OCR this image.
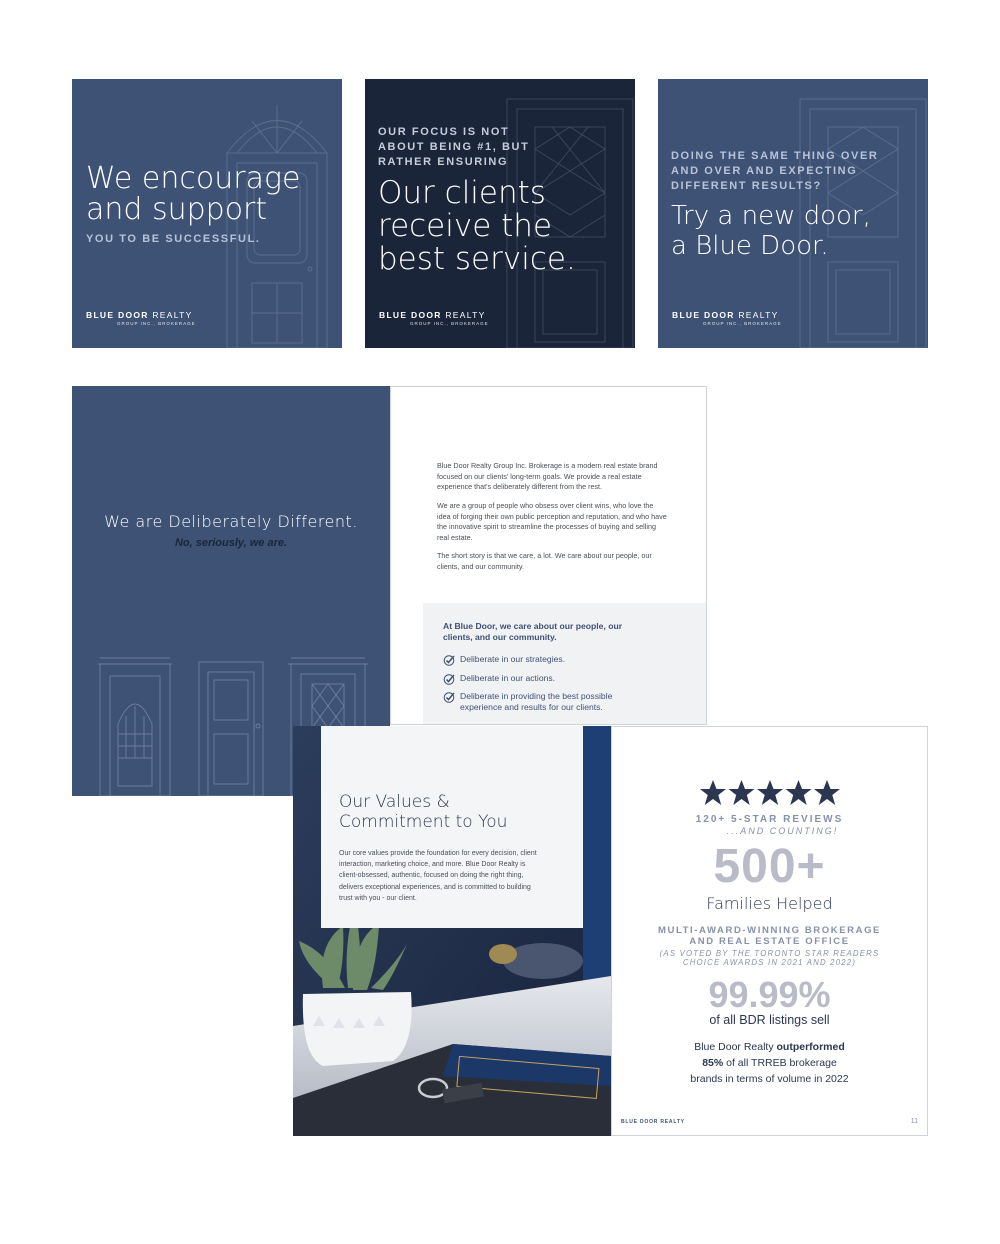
We encourage
and support
YOU TO BE SUCCESSFUL.
BLUE DOOR REALTY
GROUP INC., BROKERAGE
OUR FOCUS IS NOT
ABOUT BEING #1, BUT
RATHER ENSURING
Our clients
receive the
best service.
BLUE DOOR REALTY
GROUP INC., BROKERAGE
DOING THE SAME THING OVER
AND OVER AND EXPECTING
DIFFERENT RESULTS?
Try a new door,
a Blue Door.
BLUE DOOR REALTY
GROUP INC., BROKERAGE
We are Deliberately Different.
No, seriously, we are.

Blue Door Realty Group Inc. Brokerage is a modern real estate brand focused on our clients' long-term goals. We provide a real estate experience that's deliberately different from the rest.

We are a group of people who obsess over client wins, who love the idea of forging their own public perception and reputation, and who have the innovative spirit to streamline the processes of buying and selling real estate.

The short story is that we care, a lot. We care about our people, our clients, and our community.

At Blue Door, we care about our people, our clients, and our community.
Deliberate in our strategies.
Deliberate in our actions.
Deliberate in providing the best possible
experience and results for our clients.
Our Values &
Commitment to You
Our core values provide the foundation for every decision, client interaction, marketing choice, and more. Blue Door Realty is client-obsessed, authentic, focused on doing the right thing, delivers exceptional experiences, and is committed to building trust with you - our client.
120+ 5-STAR REVIEWS
...AND COUNTING!
500+
Families Helped
MULTI-AWARD-WINNING BROKERAGE
AND REAL ESTATE OFFICE
(AS VOTED BY THE TORONTO STAR READERS
CHOICE AWARDS IN 2021 AND 2022)
99.99%
of all BDR listings sell
Blue Door Realty outperformed
85% of all TRREB brokerage
brands in terms of volume in 2022
BLUE DOOR REALTY	11
